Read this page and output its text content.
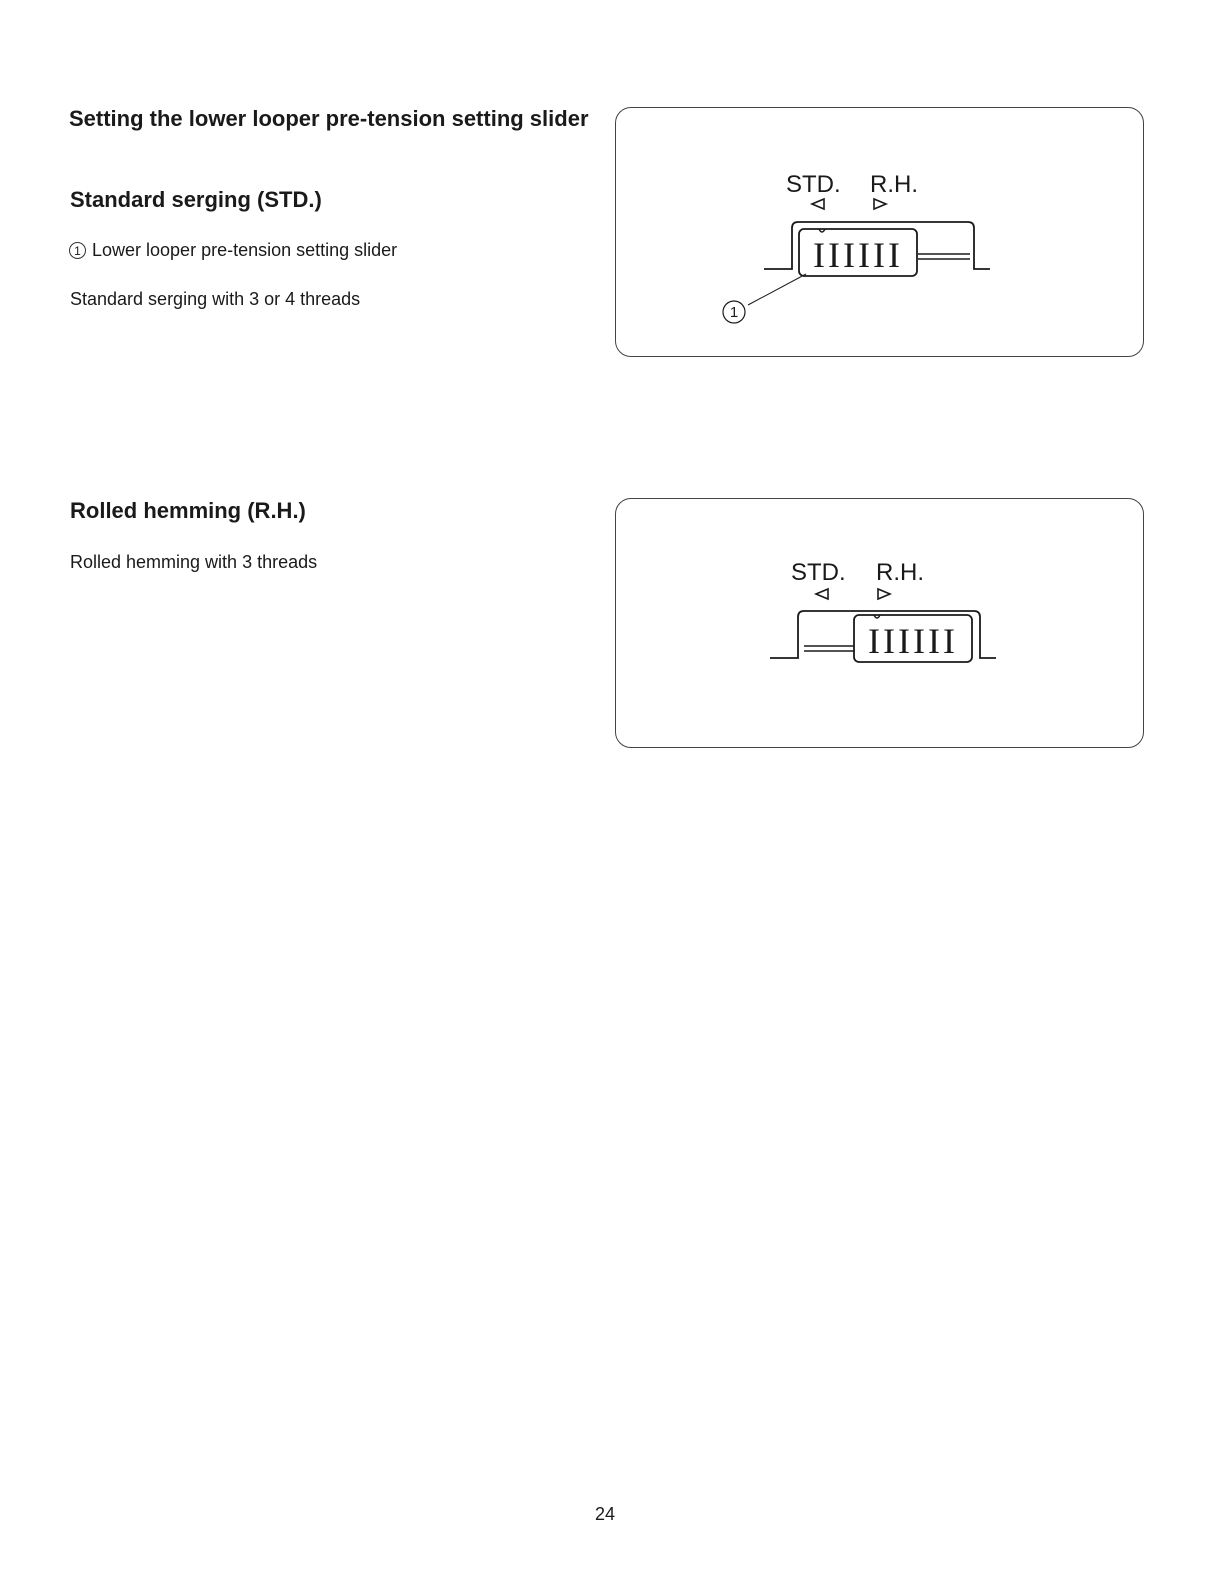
Setting the lower looper pre-tension setting slider
Standard serging (STD.)

1 Lower looper pre-tension setting slider

Standard serging with 3 or 4 threads

Rolled hemming (R.H.)

Rolled hemming with 3 threads

STD. R.H.
IIIIII
1
STD. R.H.
IIIIII
24
